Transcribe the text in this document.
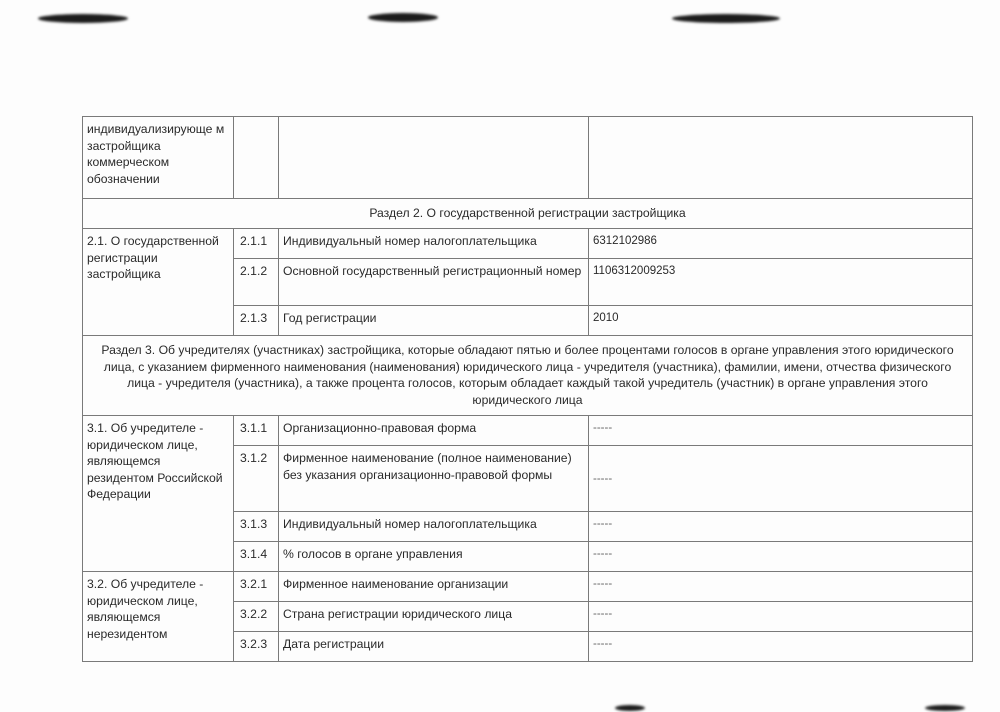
индивидуализирующе м застройщика коммерческом обозначении			
Раздел 2. О государственной регистрации застройщика			
2.1. О государственной регистрации застройщика	2.1.1	Индивидуальный номер налогоплательщика	6312102986
	2.1.2	Основной государственный регистрационный номер	1106312009253
	2.1.3	Год регистрации	2010
Раздел 3. Об учредителях (участниках) застройщика, которые обладают пятью и более процентами голосов в органе управления этого юридического лица, с указанием фирменного наименования (наименования) юридического лица - учредителя (участника), фамилии, имени, отчества физического лица - учредителя (участника), а также процента голосов, которым обладает каждый такой учредитель (участник) в органе управления этого юридического лица			
3.1. Об учредителе - юридическом лице, являющемся резидентом Российской Федерации	3.1.1	Организационно-правовая форма	-----
	3.1.2	Фирменное наименование (полное наименование) без указания организационно-правовой формы	-----
	3.1.3	Индивидуальный номер налогоплательщика	-----
	3.1.4	% голосов в органе управления	-----
3.2. Об учредителе - юридическом лице, являющемся нерезидентом	3.2.1	Фирменное наименование организации	-----
	3.2.2	Страна регистрации юридического лица	-----
	3.2.3	Дата регистрации	-----
